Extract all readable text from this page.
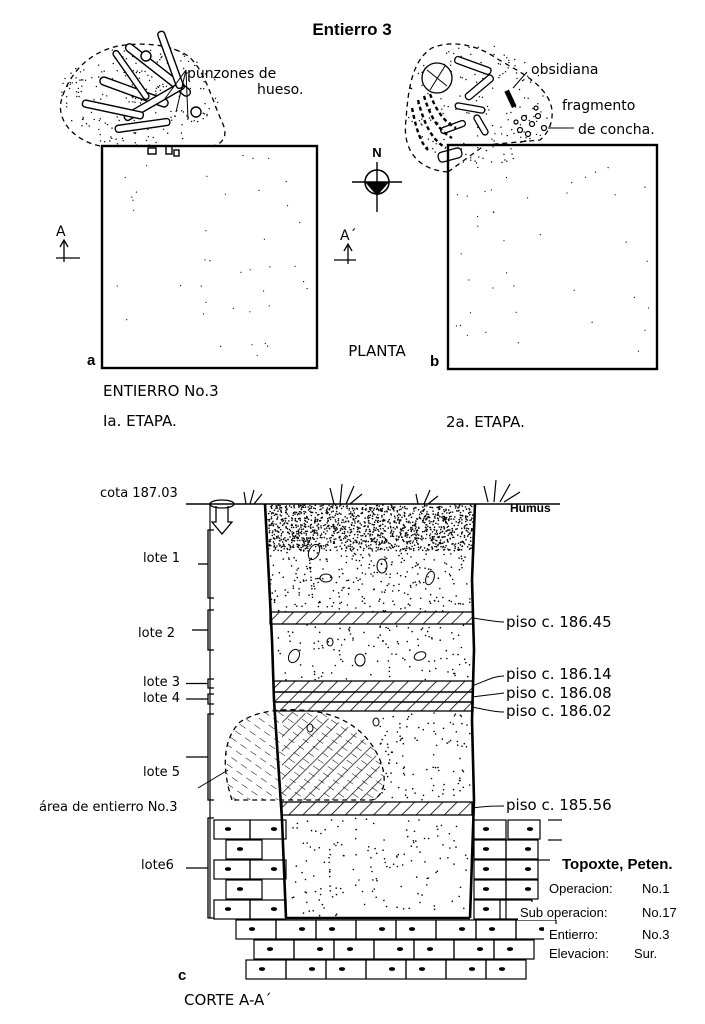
Entierro 3
punzones de
hueso.
a
A
N
A´
PLANTA
obsidiana
fragmento
de concha.
b
ENTIERRO No.3
Ia. ETAPA.	2a. ETAPA.
cota 187.03
Humus
lote 1
lote 2
lote 3
lote 4
lote 5
área de entierro No.3
lote6
piso c. 186.45
piso c. 186.14
piso c. 186.08
piso c. 186.02
piso c. 185.56
Topoxte, Peten.
Operacion: No.1
Sub operacion:	No.17
Entierro:	No.3
Elevacion: Sur.
c
CORTE A-A´
